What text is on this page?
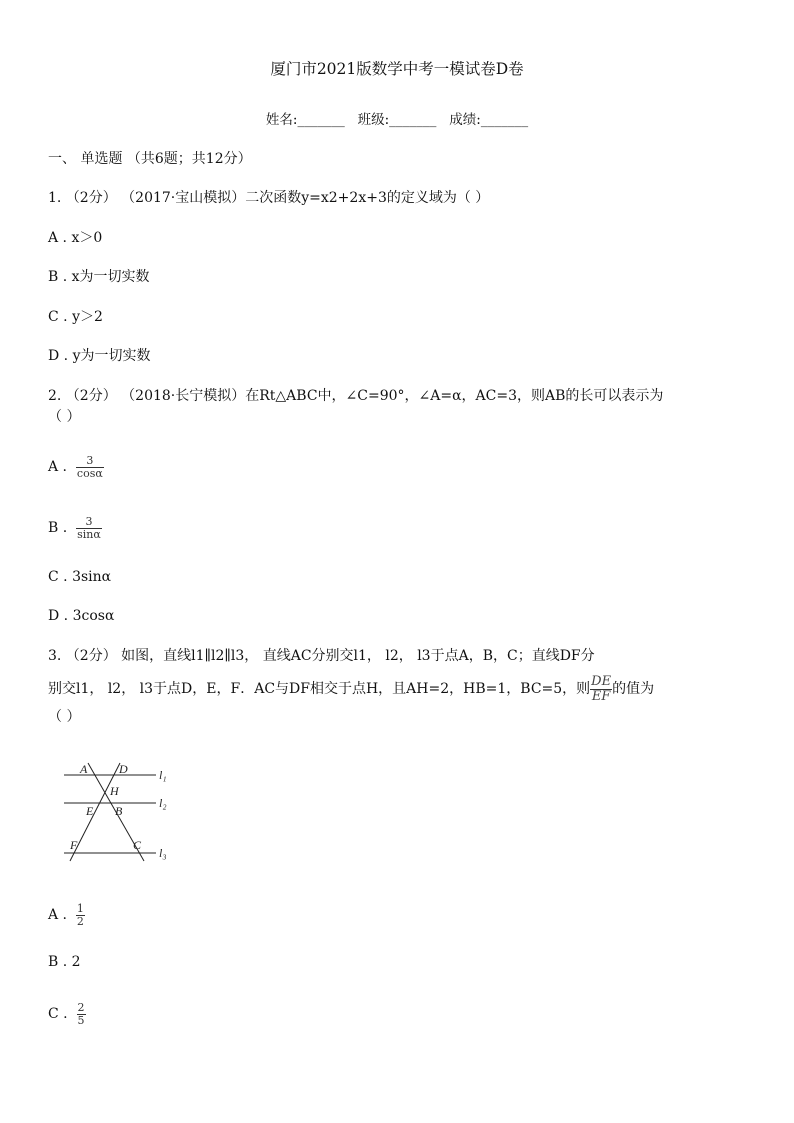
厦门市2021版数学中考一模试卷D卷
姓名:_______ 班级:_______ 成绩:_______
一、 单选题 （共6题；共12分）
1. （2分） （2017·宝山模拟）二次函数y=x2+2x+3的定义域为（ ）
A . x＞0
B . x为一切实数
C . y＞2
D . y为一切实数
2. （2分） （2018·长宁模拟）在Rt△ABC中，∠C=90°，∠A=α，AC=3，则AB的长可以表示为
（ ）
A . $\frac{3}{\cos\alpha}$
B . $\frac{3}{\sin\alpha}$
C . 3sinα
D . 3cosα
3. （2分） 如图，直线l1∥l2∥l3， 直线AC分别交l1， l2， l3于点A，B，C；直线DF分
别交l1， l2， l3于点D，E，F．AC与DF相交于点H，且AH=2，HB=1，BC=5，则 $\frac{DE}{EF}$ 的值为
（ ）
A	D
H
E B
F	C
l₁
l₂
l₃
A . $\frac{1}{2}$
B . 2
C . $\frac{2}{5}$
